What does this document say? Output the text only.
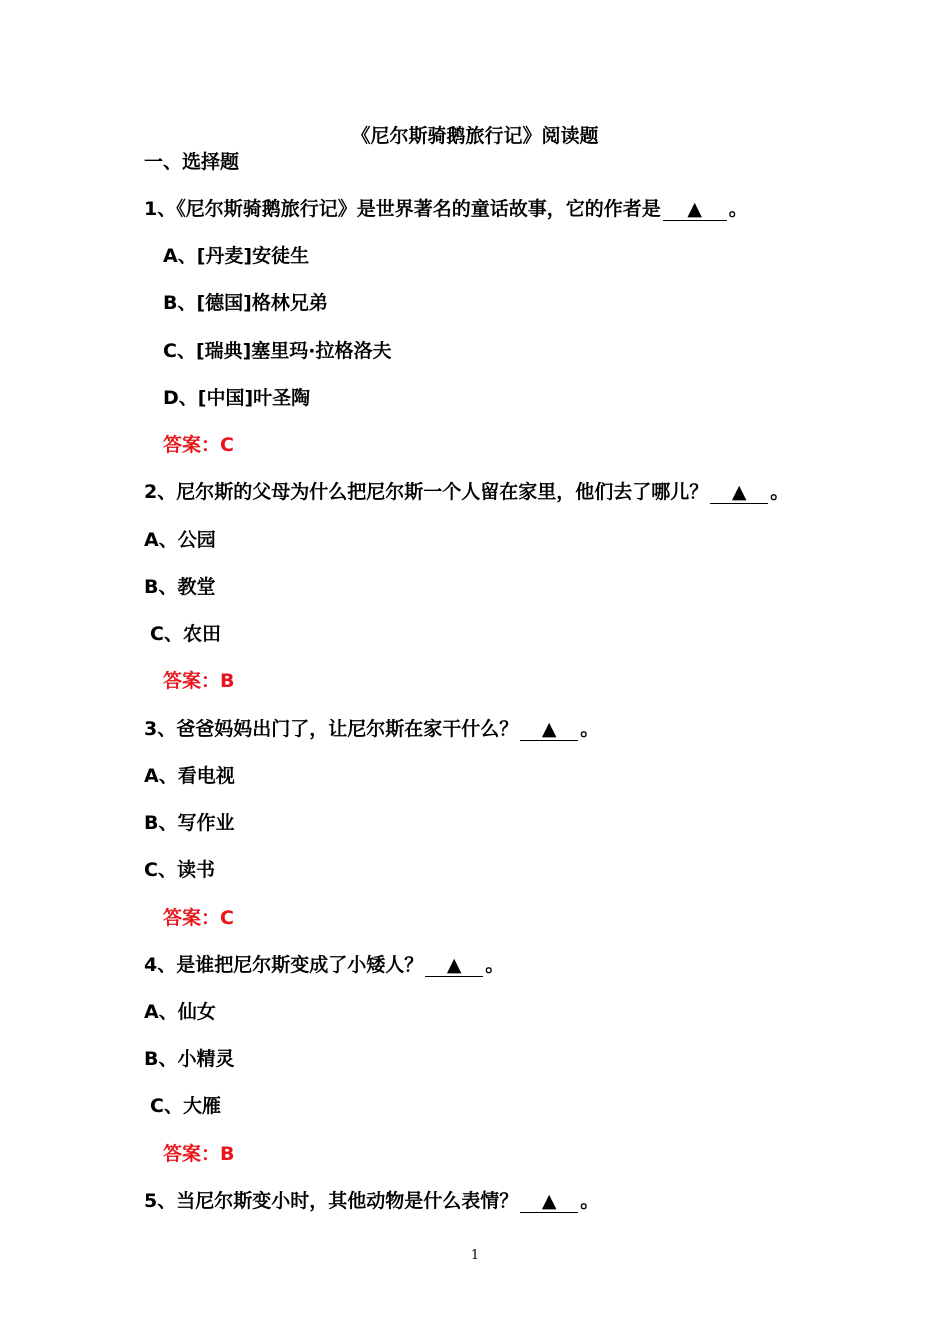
《尼尔斯骑鹅旅行记》阅读题
一、选择题
1、《尼尔斯骑鹅旅行记》是世界著名的童话故事，它的作者是 ▲ 。
A、[丹麦]安徒生
B、[德国]格林兄弟
C、[瑞典]塞里玛·拉格洛夫
D、[中国]叶圣陶
答案：C
2、尼尔斯的父母为什么把尼尔斯一个人留在家里，他们去了哪儿？ ▲ 。
A、公园
B、教堂
C、农田
答案：B
3、爸爸妈妈出门了，让尼尔斯在家干什么？ ▲ 。
A、看电视
B、写作业
C、读书
答案：C
4、是谁把尼尔斯变成了小矮人？ ▲ 。
A、仙女
B、小精灵
C、大雁
答案：B
5、当尼尔斯变小时，其他动物是什么表情？ ▲ 。
1
